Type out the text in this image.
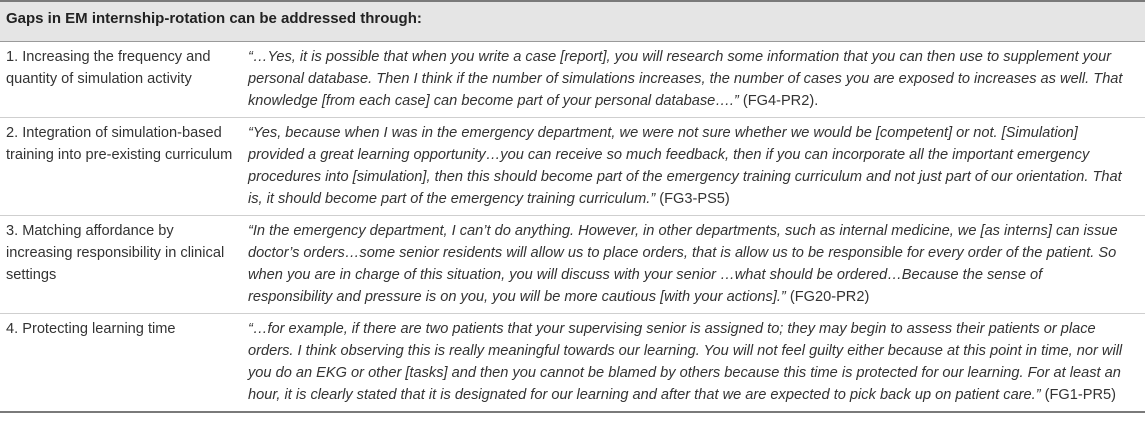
Gaps in EM internship-rotation can be addressed through:
1. Increasing the frequency and quantity of simulation activity
“…Yes, it is possible that when you write a case [report], you will research some information that you can then use to supplement your personal database. Then I think if the number of simulations increases, the number of cases you are exposed to increases as well. That knowledge [from each case] can become part of your personal database….” (FG4-PR2).
2. Integration of simulation-based training into pre-existing curriculum
“Yes, because when I was in the emergency department, we were not sure whether we would be [competent] or not. [Simulation] provided a great learning opportunity…you can receive so much feedback, then if you can incorporate all the important emergency procedures into [simulation], then this should become part of the emergency training curriculum and not just part of our orientation. That is, it should become part of the emergency training curriculum.” (FG3-PS5)
3. Matching affordance by increasing responsibility in clinical settings
“In the emergency department, I can’t do anything. However, in other departments, such as internal medicine, we [as interns] can issue doctor’s orders…some senior residents will allow us to place orders, that is allow us to be responsible for every order of the patient. So when you are in charge of this situation, you will discuss with your senior …what should be ordered…Because the sense of responsibility and pressure is on you, you will be more cautious [with your actions].” (FG20-PR2)
4. Protecting learning time	“…for example, if there are two patients that your supervising senior is assigned to; they may begin to assess their patients or place orders. I think observing this is really meaningful towards our learning. You will not feel guilty either because at this point in time, nor will you do an EKG or other [tasks] and then you cannot be blamed by others because this time is protected for our learning. For at least an hour, it is clearly stated that it is designated for our learning and after that we are expected to pick back up on patient care.” (FG1-PR5)
